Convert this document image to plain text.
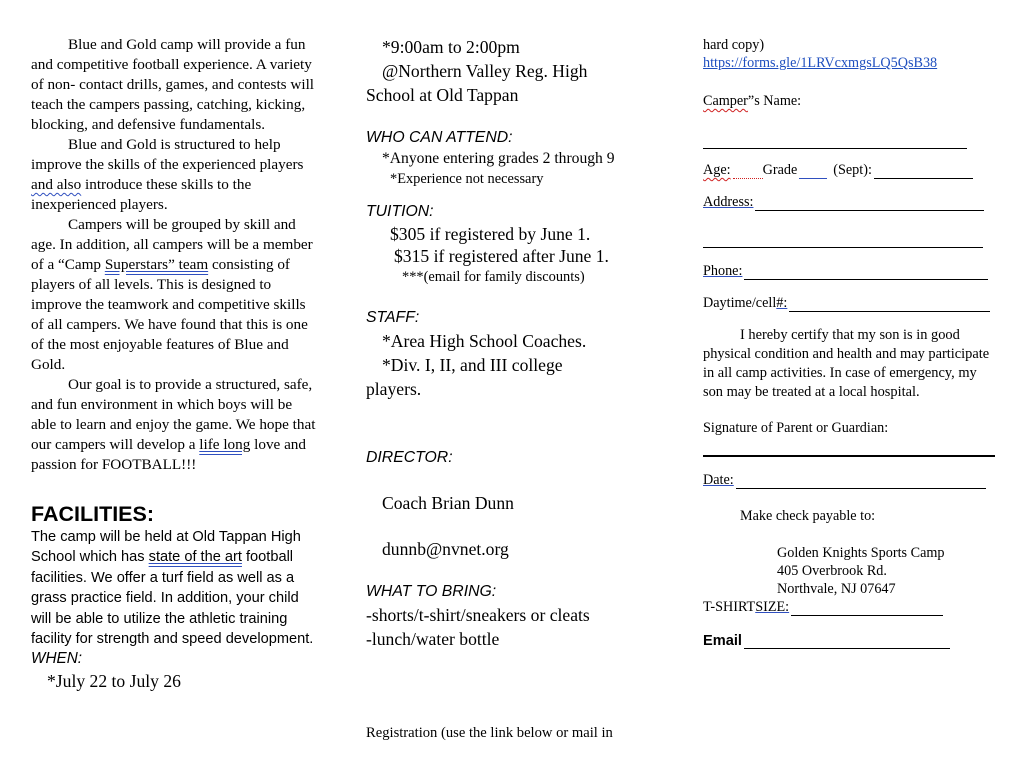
Blue and Gold camp will provide a fun and competitive football experience. A variety of non- contact drills, games, and contests will teach the campers passing, catching, kicking, blocking, and defensive fundamentals.

Blue and Gold is structured to help improve the skills of the experienced players and also introduce these skills to the inexperienced players.

Campers will be grouped by skill and age. In addition, all campers will be a member of a “Camp Superstars” team consisting of players of all levels. This is designed to improve the teamwork and competitive skills of all campers. We have found that this is one of the most enjoyable features of Blue and Gold.

Our goal is to provide a structured, safe, and fun environment in which boys will be able to learn and enjoy the game. We hope that our campers will develop a life long love and passion for FOOTBALL!!!

FACILITIES:

The camp will be held at Old Tappan High School which has state of the art football facilities. We offer a turf field as well as a grass practice field. In addition, your child will be able to utilize the athletic training facility for strength and speed development.

WHEN:

*July 22 to July 26

*9:00am to 2:00pm

@Northern Valley Reg. High

School at Old Tappan

WHO CAN ATTEND:

*Anyone entering grades 2 through 9

*Experience not necessary

TUITION:

$305 if registered by June 1.

$315 if registered after June 1.

***(email for family discounts)

STAFF:

*Area High School Coaches.

*Div. I, II, and III college

players.

DIRECTOR:

Coach Brian Dunn

dunnb@nvnet.org

WHAT TO BRING:

-shorts/t-shirt/sneakers or cleats

-lunch/water bottle

Registration (use the link below or mail in

hard copy)

https://forms.gle/1LRVcxmgsLQ5QsB38

Camper”s Name:

Age: Grade	(Sept):
Address:
Phone:
Daytime/cell #:

I hereby certify that my son is in good physical condition and health and may participate in all camp activities. In case of emergency, my son may be treated at a local hospital.

Signature of Parent or Guardian:

Date:

Make check payable to:

Golden Knights Sports Camp

405 Overbrook Rd.

Northvale, NJ 07647

T-SHIRT SIZE:
Email
